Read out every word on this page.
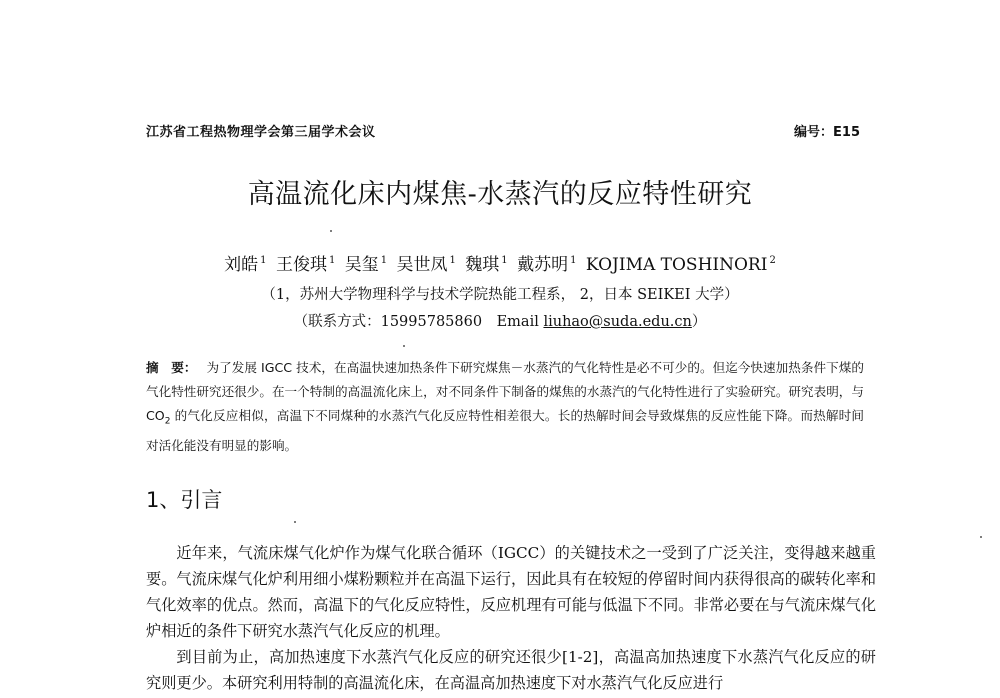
江苏省工程热物理学会第三届学术会议	编号：E15
高温流化床内煤焦-水蒸汽的反应特性研究
刘皓 $^1$ 王俊琪 $^1$ 吴玺 $^1$ 吴世凤 $^1$ 魏琪 $^1$ 戴苏明 $^1$ KOJIMA TOSHINORI $^2$
（1，苏州大学物理科学与技术学院热能工程系， 2，日本 SEIKEI 大学）
（联系方式：15995785860　Email liuhao@suda.edu.cn）
摘　要： 为了发展 IGCC 技术，在高温快速加热条件下研究煤焦－水蒸汽的气化特性是必不可少的。但迄今快速加热条件下煤的气化特性研究还很少。在一个特制的高温流化床上，对不同条件下制备的煤焦的水蒸汽的气化特性进行了实验研究。研究表明，与 $CO_2$ 的气化反应相似，高温下不同煤种的水蒸汽气化反应特性相差很大。长的热解时间会导致煤焦的反应性能下降。而热解时间对活化能没有明显的影响。
1、引言

近年来，气流床煤气化炉作为煤气化联合循环（IGCC）的关键技术之一受到了广泛关注，变得越来越重要。气流床煤气化炉利用细小煤粉颗粒并在高温下运行，因此具有在较短的停留时间内获得很高的碳转化率和气化效率的优点。然而，高温下的气化反应特性，反应机理有可能与低温下不同。非常必要在与气流床煤气化炉相近的条件下研究水蒸汽气化反应的机理。

到目前为止，高加热速度下水蒸汽气化反应的研究还很少[1-2]，高温高加热速度下水蒸汽气化反应的研究则更少。本研究利用特制的高温流化床，在高温高加热速度下对水蒸汽气化反应进行
